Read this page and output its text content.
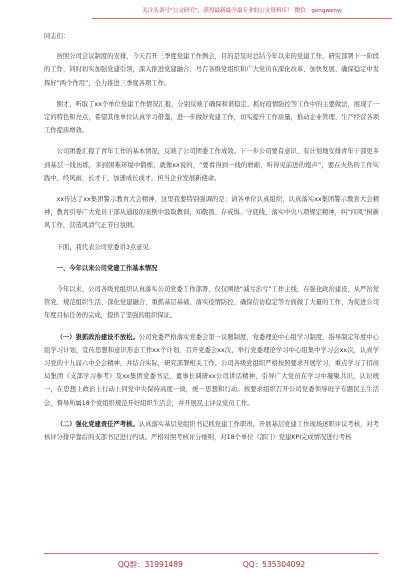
关注头条号"公文研究"，获得最新最全最专业的公文资料库！ 微信：gongwenyj

同志们：

按照公司会议制度的安排，今天召开三季度党建工作例会，目的是及时总结今年以来的党建工作，研究部署下一阶段的工作，同时切实加强党建引领，深入推进党建融合，号召各级党组织和广大党员在深化改革、加快发展、确保稳定中发挥好“两个作用”，全力推进三季度各项工作。

刚才，听取了xx个单位党建工作情况汇报，分别反映了确保和谐稳定、抓好疫情防控等工作中的主要做法，展现了一定的特色和亮点，希望其他单位认真学习借鉴，进一步做好党建工作，切实提升工作质量，推动企业管理、生产经营各项工作提质增效。

公司团委汇报了青年工作的基本情况，反映了公司团委工作成效。下一步公司要有意识、有计划地安排青年干部更多到基层一线历练，多到困难环境中锻炼，就像xx说的，“要看得到一线的磨砺，听得见前进的炮声”，要在火热的工作实践中，经风雨、长才干，加速成长成才，担当企业发展新使命。

xx传达了xx集团警示教育大会精神，这里我要特别强调的是：请各单位认真组织，认真落实xx集团警示教育大会精神，教育引导广大党员干部从通报的案例中汲取教训，知敬畏、存戒惧、守底线，落实中央八项规定精神，纠“四风”树新风工作，营造风清气正节日氛围。

下面，我代表公司党委讲3点意见：

一、今年以来公司党建工作基本情况

今年以来，公司各级党组织认真落实公司党委工作部署，仅仅围绕“减亏治亏”工作主线，在强化政治建设、从严治党管党、规范组织生活、深化党建融合、重抓基层基础、落实疫情防控、确保信访稳定等方面做了大量的工作，为促进公司年度目标任务的完成，提供了坚强的组织保证。

（一）狠抓政治建设不放松。公司党委严格落实党委会第一议题制度，党委理论中心组学习制度，指导制定年度中心组学习计划，宣传思想和意识形态工作xx个计划，召开党委会xx次，举行党委理论学习中心组集中学习会xx次，认真学习党的十九届六中全会精神，并结合实际，研究部署相关工作。公司各级党组织严格按照要求开展学习，重点学习了招商局集团《支部学习参考》及xx集团党委书记、董事长调研xx公司讲话精神，引导广大党员在学习中凝聚共识，认识统一，在思想上政治上行动上同党中央保持高度一致，统一思想和行动。按要求组织召开公司党委领导班子专题民主生活会，督导所属18个党组织规范开好组织生活会，并开展民主评议党员工作。

（二）强化党建责任严考核。认真落实基层党组织书记抓党建工作职责，开展基层党建工作现场述职评议考核，对考核评分排序靠后的支部书记进行约谈。严格对照考核评分细则，对18个单位（部门）党建KPI完成情况进行考核

QQ群：31991489	QQ：535304092
